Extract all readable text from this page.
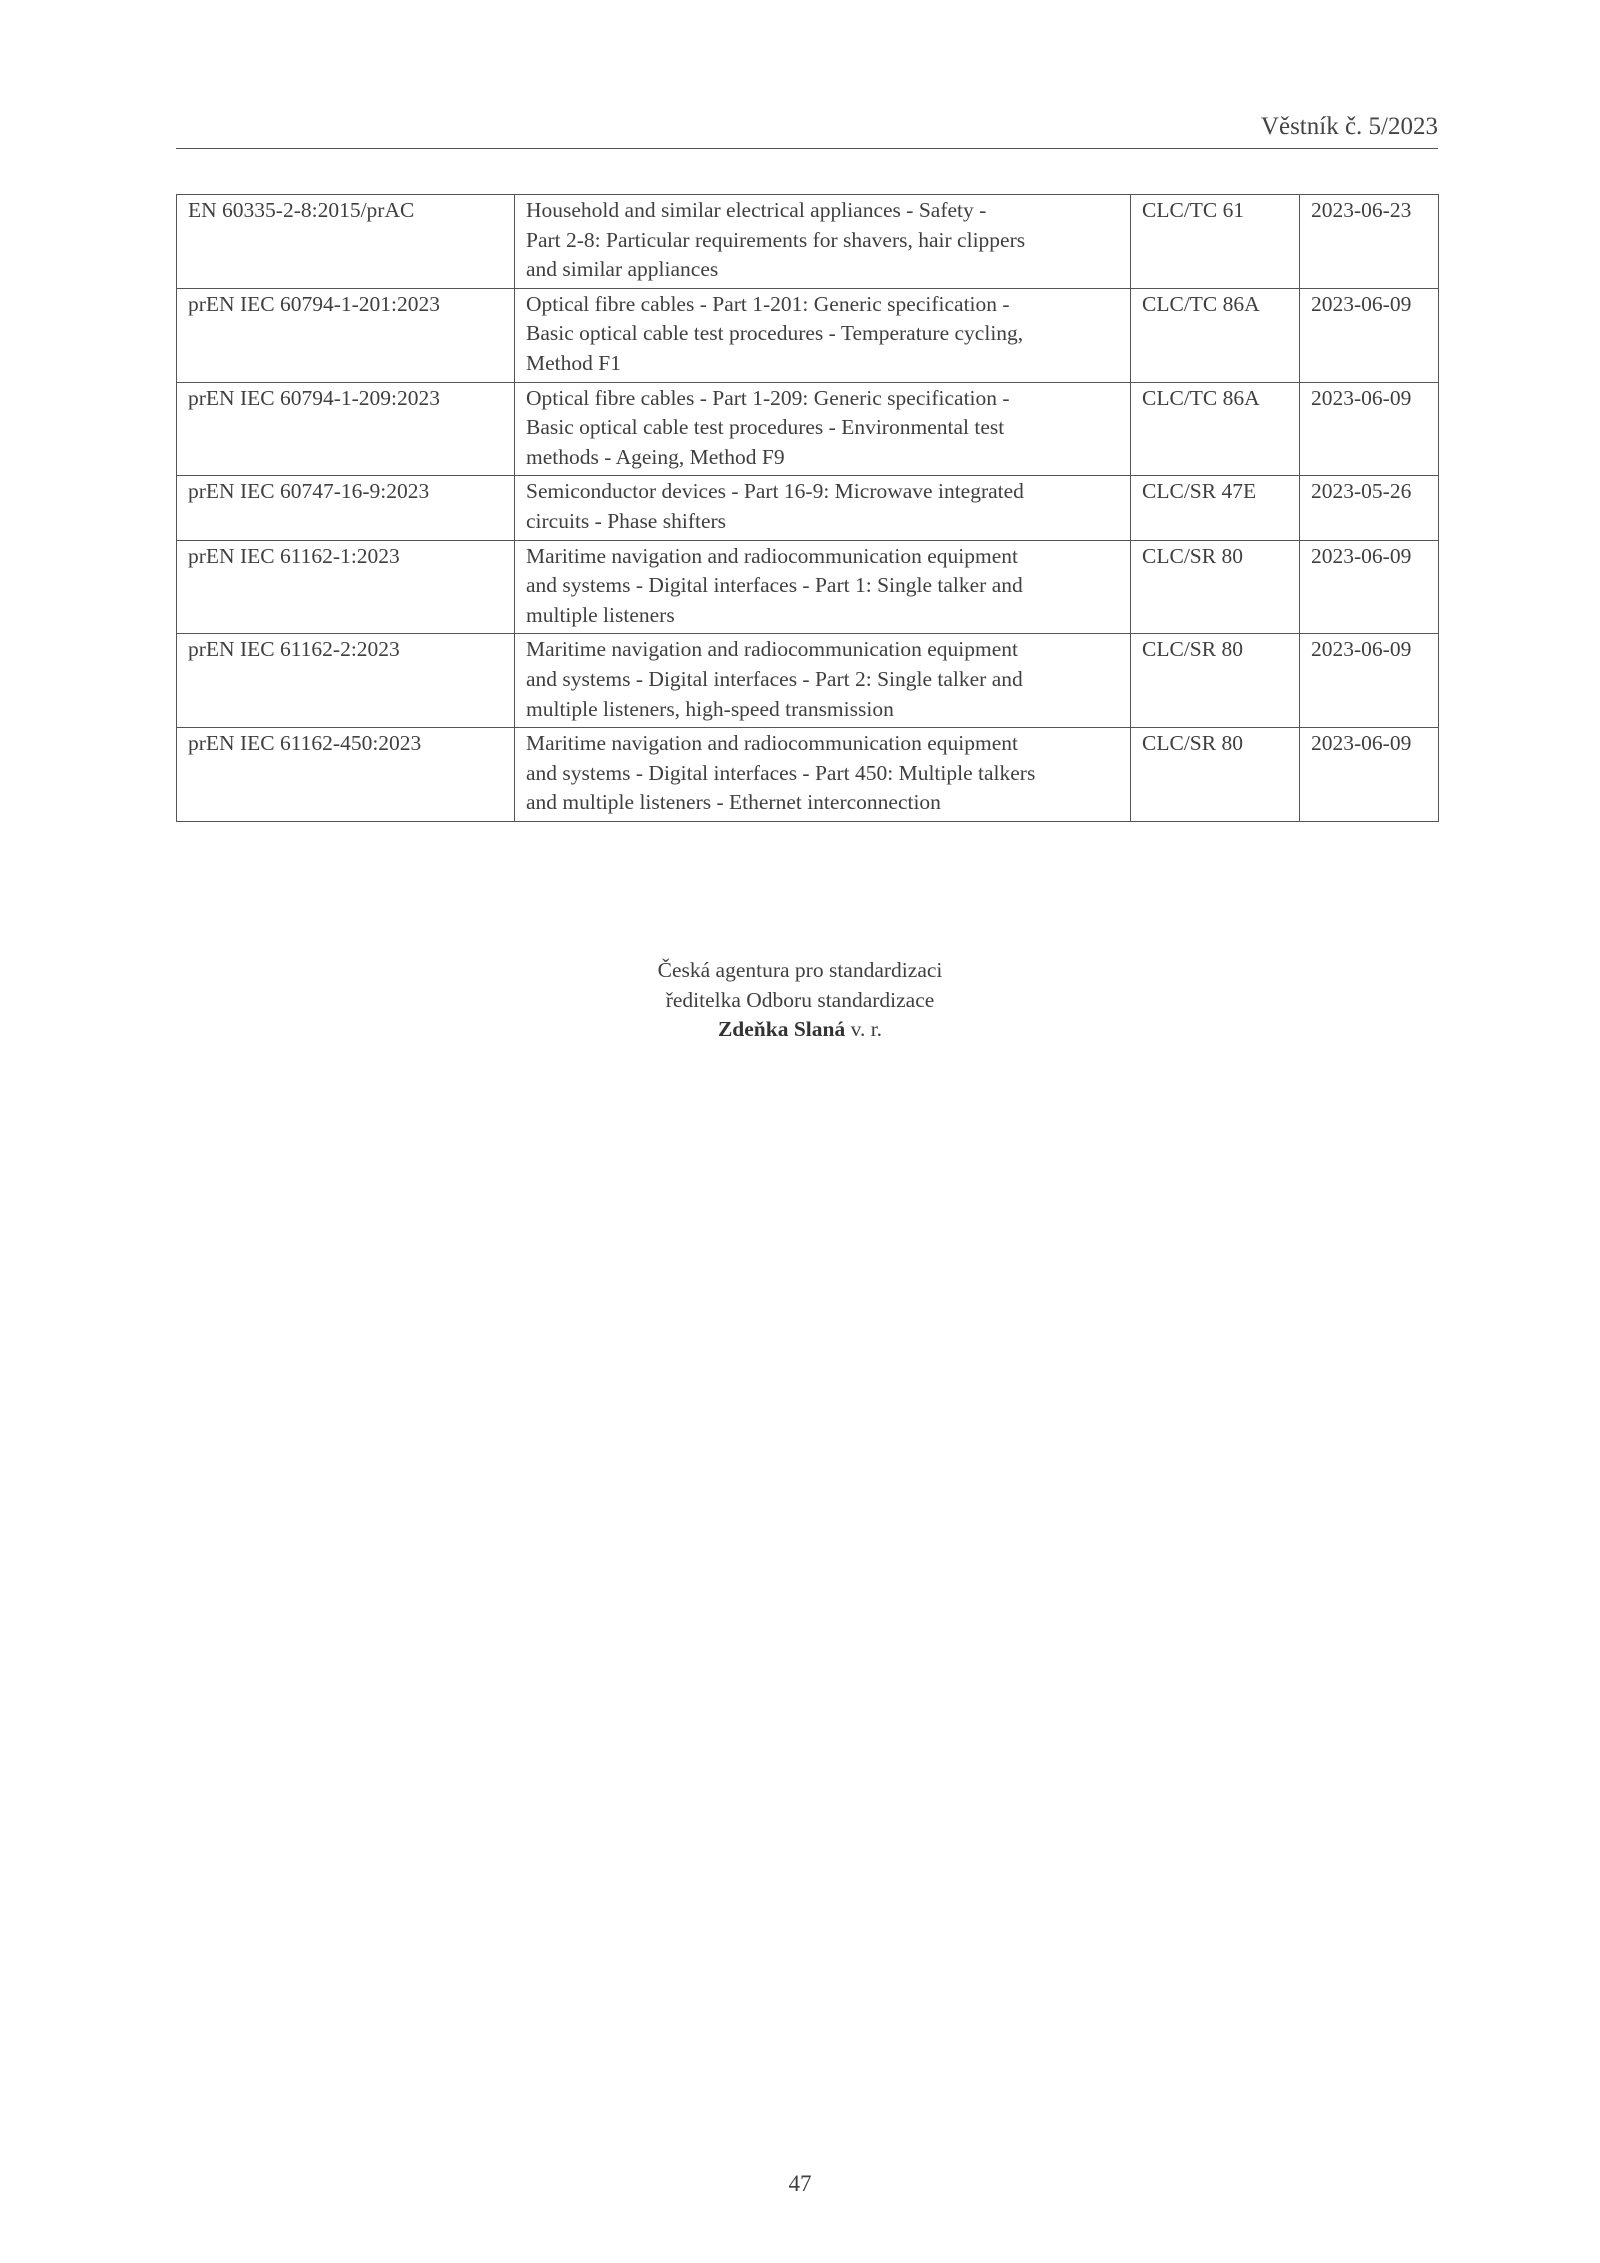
Věstník č. 5/2023
EN 60335-2-8:2015/prAC	Household and similar electrical appliances - Safety -
Part 2-8: Particular requirements for shavers, hair clippers
and similar appliances	CLC/TC 61	2023-06-23
prEN IEC 60794-1-201:2023	Optical fibre cables - Part 1-201: Generic specification -
Basic optical cable test procedures - Temperature cycling,
Method F1	CLC/TC 86A	2023-06-09
prEN IEC 60794-1-209:2023	Optical fibre cables - Part 1-209: Generic specification -
Basic optical cable test procedures - Environmental test
methods - Ageing, Method F9	CLC/TC 86A	2023-06-09
prEN IEC 60747-16-9:2023	Semiconductor devices - Part 16-9: Microwave integrated
circuits - Phase shifters	CLC/SR 47E	2023-05-26
prEN IEC 61162-1:2023	Maritime navigation and radiocommunication equipment
and systems - Digital interfaces - Part 1: Single talker and
multiple listeners	CLC/SR 80	2023-06-09
prEN IEC 61162-2:2023	Maritime navigation and radiocommunication equipment
and systems - Digital interfaces - Part 2: Single talker and
multiple listeners, high-speed transmission	CLC/SR 80	2023-06-09
prEN IEC 61162-450:2023	Maritime navigation and radiocommunication equipment
and systems - Digital interfaces - Part 450: Multiple talkers
and multiple listeners - Ethernet interconnection	CLC/SR 80	2023-06-09
Česká agentura pro standardizaci
ředitelka Odboru standardizace
Zdeňka Slaná v. r.
47
